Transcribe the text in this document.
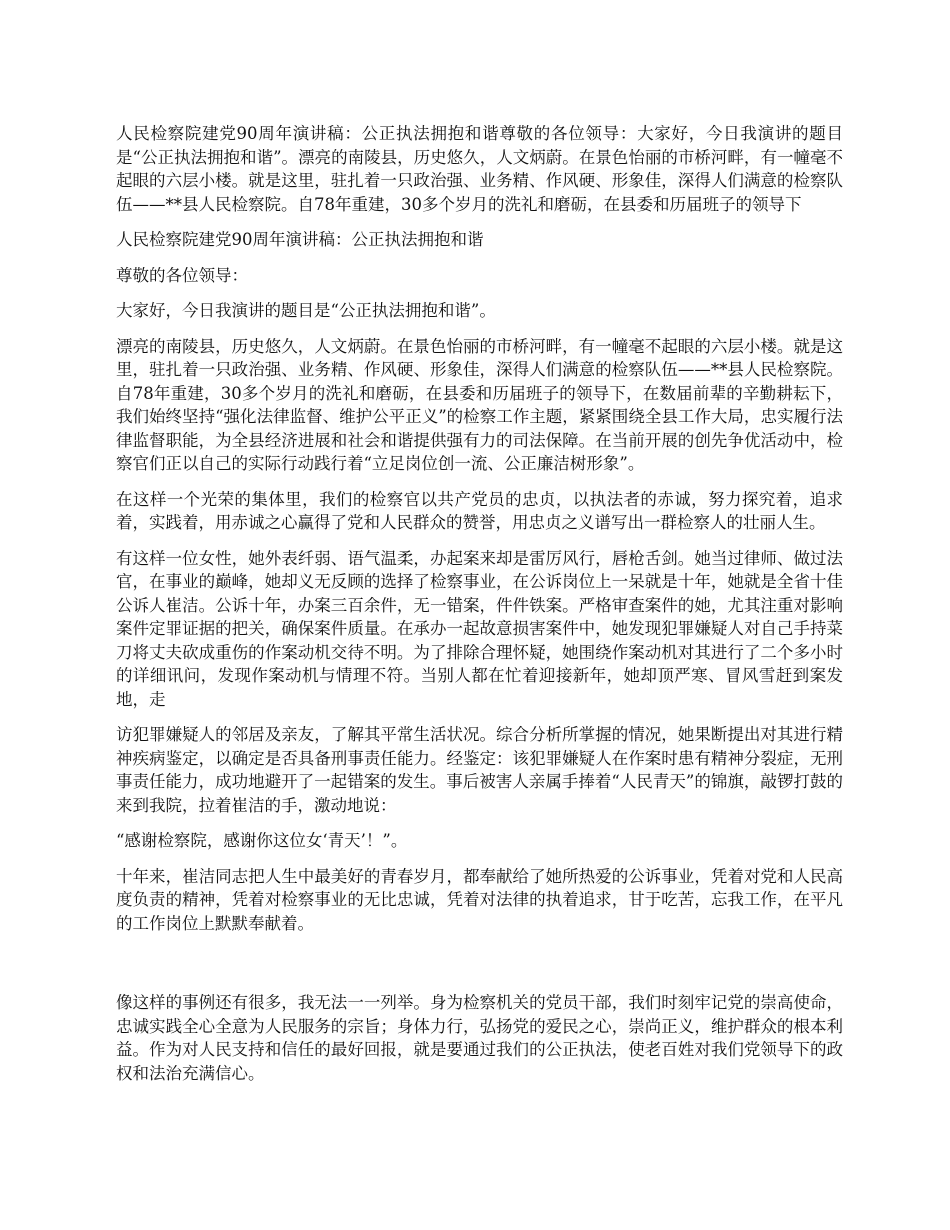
人民检察院建党90周年演讲稿：公正执法拥抱和谐尊敬的各位领导：大家好，今日我演讲的题目是“公正执法拥抱和谐”。漂亮的南陵县，历史悠久，人文炳蔚。在景色怡丽的市桥河畔，有一幢毫不起眼的六层小楼。就是这里，驻扎着一只政治强、业务精、作风硬、形象佳，深得人们满意的检察队伍——**县人民检察院。自78年重建，30多个岁月的洗礼和磨砺，在县委和历届班子的领导下

人民检察院建党90周年演讲稿：公正执法拥抱和谐

尊敬的各位领导：

大家好，今日我演讲的题目是“公正执法拥抱和谐”。

漂亮的南陵县，历史悠久，人文炳蔚。在景色怡丽的市桥河畔，有一幢毫不起眼的六层小楼。就是这里，驻扎着一只政治强、业务精、作风硬、形象佳，深得人们满意的检察队伍——**县人民检察院。自78年重建，30多个岁月的洗礼和磨砺，在县委和历届班子的领导下，在数届前辈的辛勤耕耘下，我们始终坚持“强化法律监督、维护公平正义”的检察工作主题，紧紧围绕全县工作大局，忠实履行法律监督职能，为全县经济进展和社会和谐提供强有力的司法保障。在当前开展的创先争优活动中，检察官们正以自己的实际行动践行着“立足岗位创一流、公正廉洁树形象”。

在这样一个光荣的集体里，我们的检察官以共产党员的忠贞，以执法者的赤诚，努力探究着，追求着，实践着，用赤诚之心赢得了党和人民群众的赞誉，用忠贞之义谱写出一群检察人的壮丽人生。

有这样一位女性，她外表纤弱、语气温柔，办起案来却是雷厉风行，唇枪舌剑。她当过律师、做过法官，在事业的巅峰，她却义无反顾的选择了检察事业，在公诉岗位上一呆就是十年，她就是全省十佳公诉人崔洁。公诉十年，办案三百余件，无一错案，件件铁案。严格审查案件的她，尤其注重对影响案件定罪证据的把关，确保案件质量。在承办一起故意损害案件中，她发现犯罪嫌疑人对自己手持菜刀将丈夫砍成重伤的作案动机交待不明。为了排除合理怀疑，她围绕作案动机对其进行了二个多小时的详细讯问，发现作案动机与情理不符。当别人都在忙着迎接新年，她却顶严寒、冒风雪赶到案发地，走

访犯罪嫌疑人的邻居及亲友，了解其平常生活状况。综合分析所掌握的情况，她果断提出对其进行精神疾病鉴定，以确定是否具备刑事责任能力。经鉴定：该犯罪嫌疑人在作案时患有精神分裂症，无刑事责任能力，成功地避开了一起错案的发生。事后被害人亲属手捧着“人民青天”的锦旗，敲锣打鼓的来到我院，拉着崔洁的手，激动地说：

“感谢检察院，感谢你这位女‘青天’！”。

十年来，崔洁同志把人生中最美好的青春岁月，都奉献给了她所热爱的公诉事业，凭着对党和人民高度负责的精神，凭着对检察事业的无比忠诚，凭着对法律的执着追求，甘于吃苦，忘我工作，在平凡的工作岗位上默默奉献着。

像这样的事例还有很多，我无法一一列举。身为检察机关的党员干部，我们时刻牢记党的崇高使命，忠诚实践全心全意为人民服务的宗旨；身体力行，弘扬党的爱民之心，崇尚正义，维护群众的根本利益。作为对人民支持和信任的最好回报，就是要通过我们的公正执法，使老百姓对我们党领导下的政权和法治充满信心。
